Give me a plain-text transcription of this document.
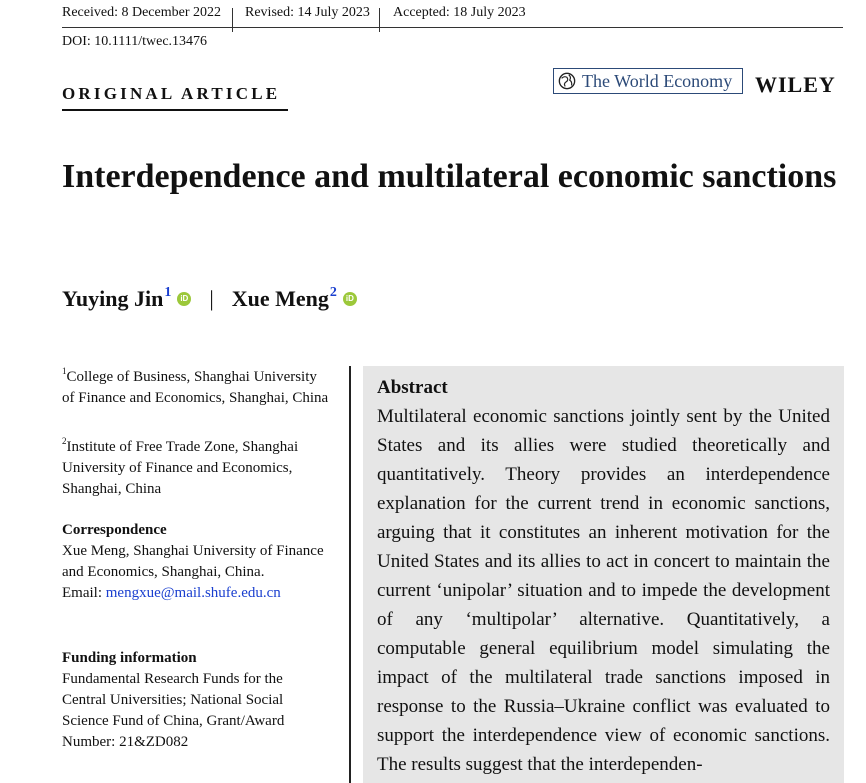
Received: 8 December 2022 Revised: 14 July 2023 Accepted: 18 July 2023
DOI: 10.1111/twec.13476
ORIGINAL ARTICLE
The World Economy WILEY
Interdependence and multilateral economic sanctions
Yuying Jin$^1$	iD | Xue Meng$^2$	iD
$^1$College of Business, Shanghai University of Finance and Economics, Shanghai, China
$^2$Institute of Free Trade Zone, Shanghai University of Finance and Economics, Shanghai, China
Correspondence
Xue Meng, Shanghai University of Finance and Economics, Shanghai, China.
Email: mengxue@mail.shufe.edu.cn
Funding information
Fundamental Research Funds for the Central Universities; National Social Science Fund of China, Grant/Award Number: 21&ZD082
Abstract
Multilateral economic sanctions jointly sent by the United States and its allies were studied theoretically and quantitatively. Theory provides an interdependence explanation for the current trend in economic sanctions, arguing that it constitutes an inherent motivation for the United States and its allies to act in concert to maintain the current ‘unipolar’ situation and to impede the development of any ‘multipolar’ alternative. Quantitatively, a computable general equilibrium model simulating the impact of the multilateral trade sanctions imposed in response to the Russia–Ukraine conflict was evaluated to support the interdependence view of economic sanctions. The results suggest that the interdependen-
